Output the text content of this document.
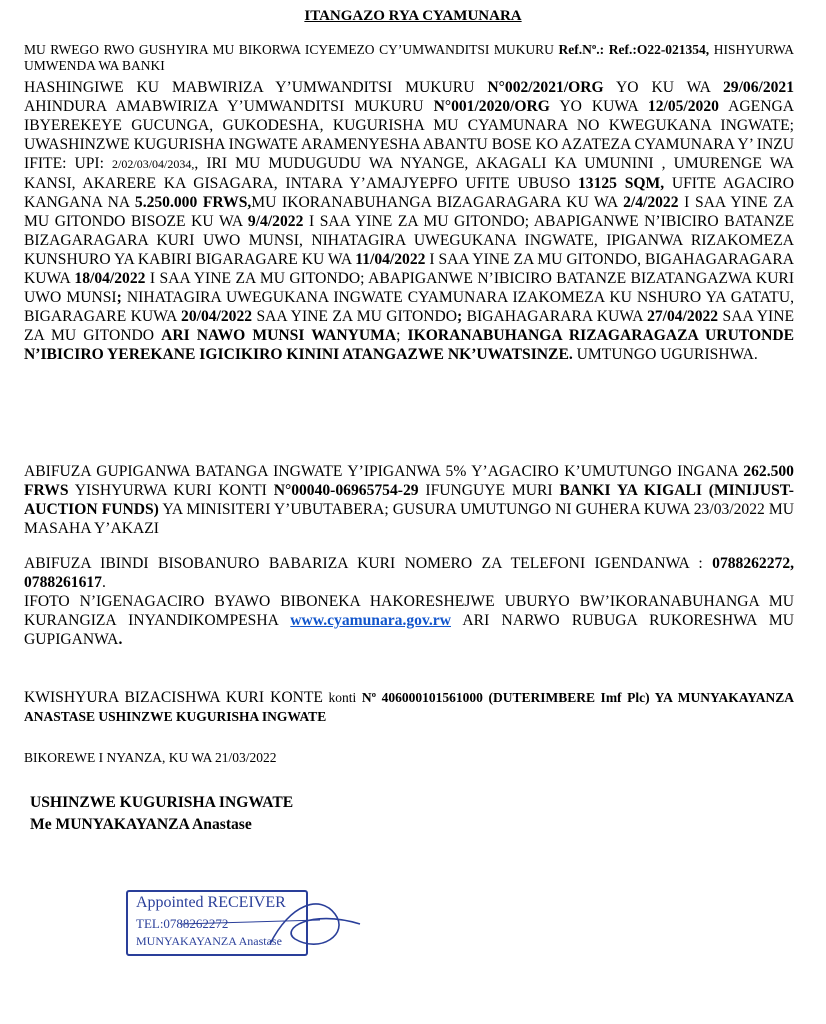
ITANGAZO RYA CYAMUNARA

MU RWEGO RWO GUSHYIRA MU BIKORWA ICYEMEZO CY’UMWANDITSI MUKURU Ref.Nº.: Ref.:O22-021354, HISHYURWA UMWENDA WA BANKI

HASHINGIWE KU MABWIRIZA Y’UMWANDITSI MUKURU N°002/2021/ORG YO KU WA 29/06/2021 AHINDURA AMABWIRIZA Y’UMWANDITSI MUKURU N°001/2020/ORG YO KUWA 12/05/2020 AGENGA IBYEREKEYE GUCUNGA, GUKODESHA, KUGURISHA MU CYAMUNARA NO KWEGUKANA INGWATE; UWASHINZWE KUGURISHA INGWATE ARAMENYESHA ABANTU BOSE KO AZATEZA CYAMUNARA Y’ INZU IFITE: UPI: 2/02/03/04/2034,, IRI MU MUDUGUDU WA NYANGE, AKAGALI KA UMUNINI , UMURENGE WA KANSI, AKARERE KA GISAGARA, INTARA Y’AMAJYEPFO UFITE UBUSO 13125 SQM, UFITE AGACIRO KANGANA NA 5.250.000 FRWS,MU IKORANABUHANGA BIZAGARAGARA KU WA 2/4/2022 I SAA YINE ZA MU GITONDO BISOZE KU WA 9/4/2022 I SAA YINE ZA MU GITONDO; ABAPIGANWE N’IBICIRO BATANZE BIZAGARAGARA KURI UWO MUNSI, NIHATAGIRA UWEGUKANA INGWATE, IPIGANWA RIZAKOMEZA KUNSHURO YA KABIRI BIGARAGARE KU WA 11/04/2022 I SAA YINE ZA MU GITONDO, BIGAHAGARAGARA KUWA 18/04/2022 I SAA YINE ZA MU GITONDO; ABAPIGANWE N’IBICIRO BATANZE BIZATANGAZWA KURI UWO MUNSI; NIHATAGIRA UWEGUKANA INGWATE CYAMUNARA IZAKOMEZA KU NSHURO YA GATATU, BIGARAGARE KUWA 20/04/2022 SAA YINE ZA MU GITONDO; BIGAHAGARARA KUWA 27/04/2022 SAA YINE ZA MU GITONDO ARI NAWO MUNSI WANYUMA; IKORANABUHANGA RIZAGARAGAZA URUTONDE N’IBICIRO YEREKANE IGICIKIRO KININI ATANGAZWE NK’UWATSINZE. UMTUNGO UGURISHWA.

ABIFUZA GUPIGANWA BATANGA INGWATE Y’IPIGANWA 5% Y’AGACIRO K’UMUTUNGO INGANA 262.500 FRWS YISHYURWA KURI KONTI N°00040-06965754-29 IFUNGUYE MURI BANKI YA KIGALI (MINIJUST-AUCTION FUNDS) YA MINISITERI Y’UBUTABERA; GUSURA UMUTUNGO NI GUHERA KUWA 23/03/2022 MU MASAHA Y’AKAZI

ABIFUZA IBINDI BISOBANURO BABARIZA KURI NOMERO ZA TELEFONI IGENDANWA : 0788262272, 0788261617.
IFOTO N’IGENAGACIRO BYAWO BIBONEKA HAKORESHEJWE UBURYO BW’IKORANABUHANGA MU KURANGIZA INYANDIKOMPESHA www.cyamunara.gov.rw ARI NARWO RUBUGA RUKORESHWA MU GUPIGANWA.

KWISHYURA BIZACISHWA KURI KONTE konti Nº 406000101561000 (DUTERIMBERE Imf Plc) YA MUNYAKAYANZA ANASTASE USHINZWE KUGURISHA INGWATE

BIKOREWE I NYANZA, KU WA 21/03/2022

USHINZWE KUGURISHA INGWATE
Me MUNYAKAYANZA Anastase
Appointed RECEIVER
TEL:0788262272
MUNYAKAYANZA Anastase
